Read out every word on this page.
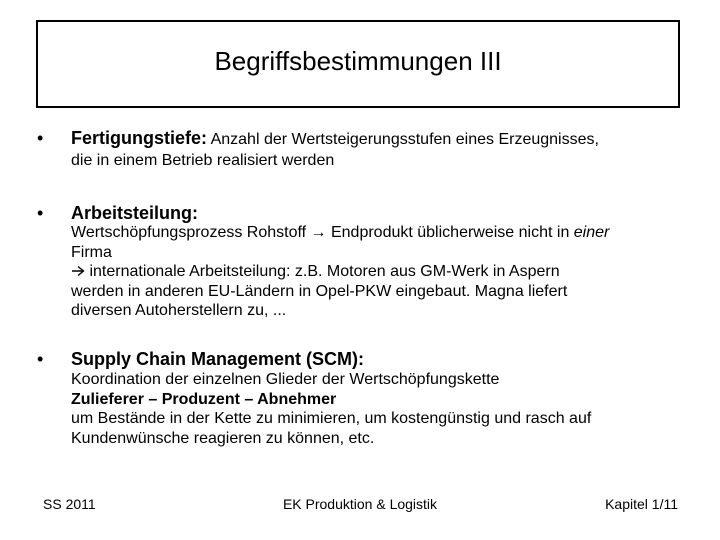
Begriffsbestimmungen III
• Fertigungstiefe: Anzahl der Wertsteigerungsstufen eines Erzeugnisses,
die in einem Betrieb realisiert werden
• Arbeitsteilung:
Wertschöpfungsprozess Rohstoff → Endprodukt üblicherweise nicht in einer
Firma
internationale Arbeitsteilung: z.B. Motoren aus GM-Werk in Aspern
werden in anderen EU-Ländern in Opel-PKW eingebaut. Magna liefert
diversen Autoherstellern zu, ...
• Supply Chain Management (SCM):
Koordination der einzelnen Glieder der Wertschöpfungskette
Zulieferer – Produzent – Abnehmer
um Bestände in der Kette zu minimieren, um kostengünstig und rasch auf
Kundenwünsche reagieren zu können, etc.
SS 2011	EK Produktion & Logistik	Kapitel 1/11
